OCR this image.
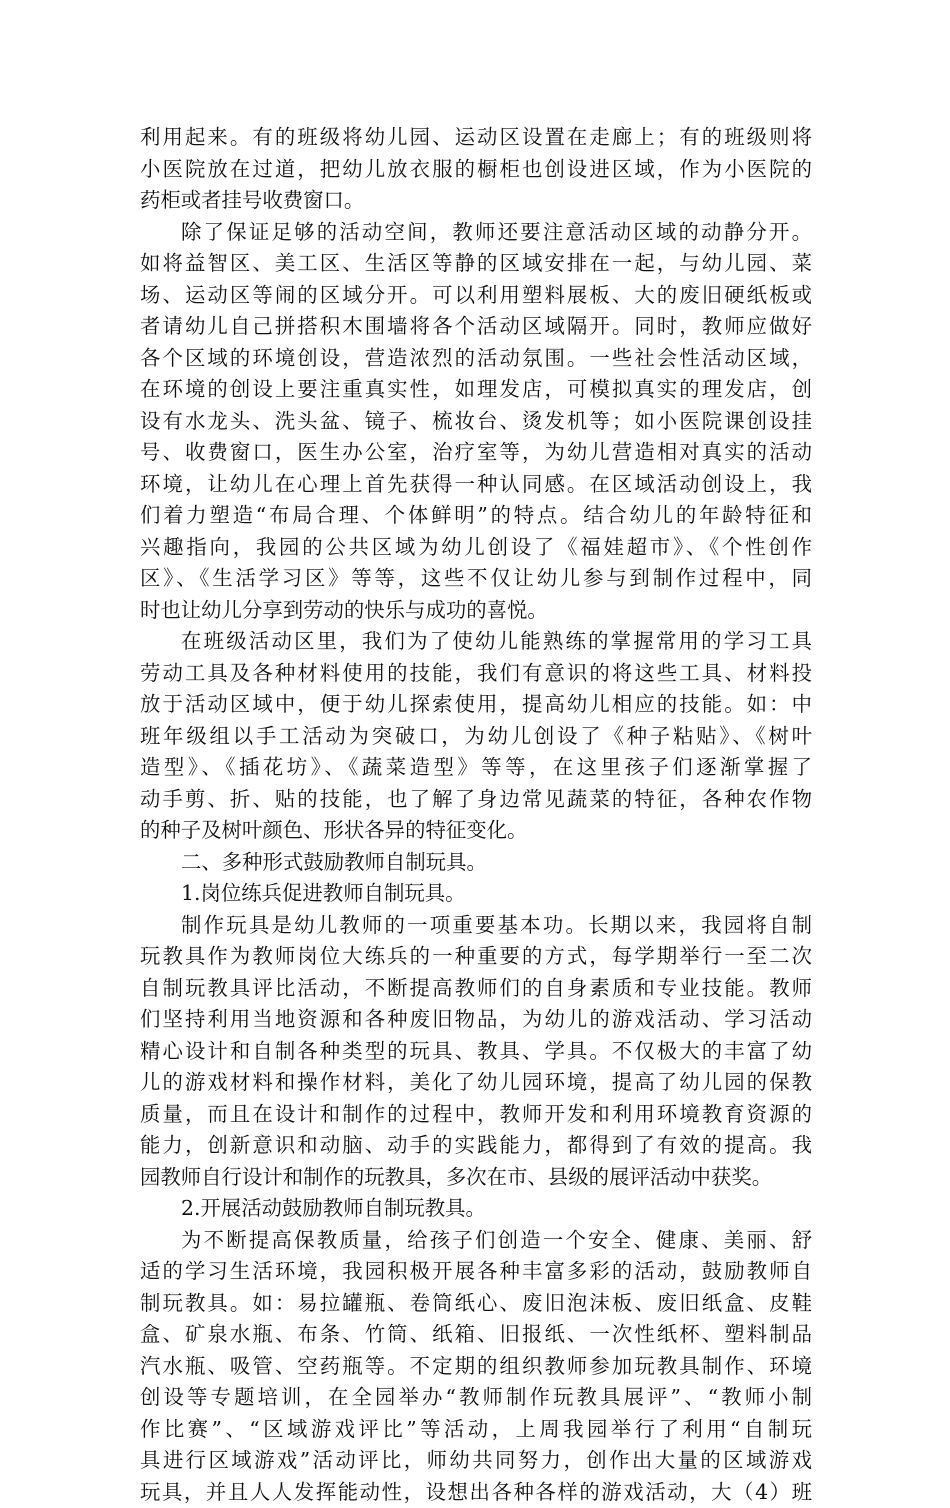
利用起来。有的班级将幼儿园、运动区设置在走廊上；有的班级则将
小医院放在过道，把幼儿放衣服的橱柜也创设进区域，作为小医院的
药柜或者挂号收费窗口。
除了保证足够的活动空间，教师还要注意活动区域的动静分开。
如将益智区、美工区、生活区等静的区域安排在一起，与幼儿园、菜
场、运动区等闹的区域分开。可以利用塑料展板、大的废旧硬纸板或
者请幼儿自己拼搭积木围墙将各个活动区域隔开。同时，教师应做好
各个区域的环境创设，营造浓烈的活动氛围。一些社会性活动区域，
在环境的创设上要注重真实性，如理发店，可模拟真实的理发店，创
设有水龙头、洗头盆、镜子、梳妆台、烫发机等；如小医院课创设挂
号、收费窗口，医生办公室，治疗室等，为幼儿营造相对真实的活动
环境，让幼儿在心理上首先获得一种认同感。在区域活动创设上，我
们着力塑造“布局合理、个体鲜明”的特点。结合幼儿的年龄特征和
兴趣指向，我园的公共区域为幼儿创设了《福娃超市》、《个性创作
区》、《生活学习区》等等，这些不仅让幼儿参与到制作过程中，同
时也让幼儿分享到劳动的快乐与成功的喜悦。
在班级活动区里，我们为了使幼儿能熟练的掌握常用的学习工具
劳动工具及各种材料使用的技能，我们有意识的将这些工具、材料投
放于活动区域中，便于幼儿探索使用，提高幼儿相应的技能。如：中
班年级组以手工活动为突破口，为幼儿创设了《种子粘贴》、《树叶
造型》、《插花坊》、《蔬菜造型》等等，在这里孩子们逐渐掌握了
动手剪、折、贴的技能，也了解了身边常见蔬菜的特征，各种农作物
的种子及树叶颜色、形状各异的特征变化。
二、多种形式鼓励教师自制玩具。
1.岗位练兵促进教师自制玩具。
制作玩具是幼儿教师的一项重要基本功。长期以来，我园将自制
玩教具作为教师岗位大练兵的一种重要的方式，每学期举行一至二次
自制玩教具评比活动，不断提高教师们的自身素质和专业技能。教师
们坚持利用当地资源和各种废旧物品，为幼儿的游戏活动、学习活动
精心设计和自制各种类型的玩具、教具、学具。不仅极大的丰富了幼
儿的游戏材料和操作材料，美化了幼儿园环境，提高了幼儿园的保教
质量，而且在设计和制作的过程中，教师开发和利用环境教育资源的
能力，创新意识和动脑、动手的实践能力，都得到了有效的提高。我
园教师自行设计和制作的玩教具，多次在市、县级的展评活动中获奖。
2.开展活动鼓励教师自制玩教具。
为不断提高保教质量，给孩子们创造一个安全、健康、美丽、舒
适的学习生活环境，我园积极开展各种丰富多彩的活动，鼓励教师自
制玩教具。如：易拉罐瓶、卷筒纸心、废旧泡沫板、废旧纸盒、皮鞋
盒、矿泉水瓶、布条、竹筒、纸箱、旧报纸、一次性纸杯、塑料制品
汽水瓶、吸管、空药瓶等。不定期的组织教师参加玩教具制作、环境
创设等专题培训，在全园举办“教师制作玩教具展评”、“教师小制
作比赛”、“区域游戏评比”等活动，上周我园举行了利用“自制玩
具进行区域游戏”活动评比，师幼共同努力，创作出大量的区域游戏
玩具，并且人人发挥能动性，设想出各种各样的游戏活动，大（4）班
